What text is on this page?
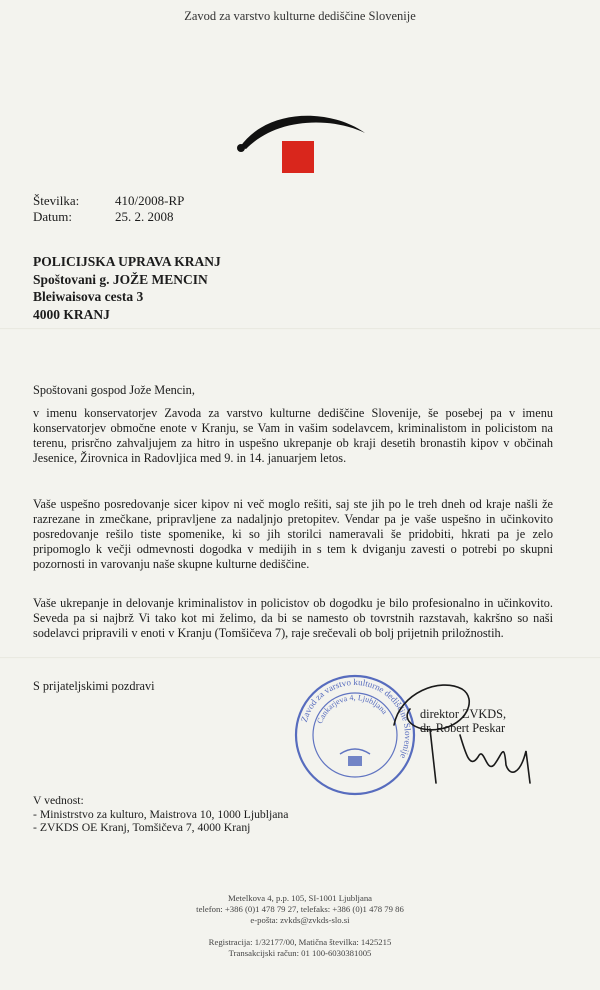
Zavod za varstvo kulturne dediščine Slovenije
Številka:	410/2008-RP
Datum:	25. 2. 2008
POLICIJSKA UPRAVA KRANJ
Spoštovani g. JOŽE MENCIN
Bleiwaisova cesta 3
4000 KRANJ
Spoštovani gospod Jože Mencin,
v imenu konservatorjev Zavoda za varstvo kulturne dediščine Slovenije, še posebej pa v imenu konservatorjev območne enote v Kranju, se Vam in vašim sodelavcem, kriminalistom in policistom na terenu, prisrčno zahvaljujem za hitro in uspešno ukrepanje ob kraji desetih bronastih kipov v občinah Jesenice, Žirovnica in Radovljica med 9. in 14. januarjem letos.
Vaše uspešno posredovanje sicer kipov ni več moglo rešiti, saj ste jih po le treh dneh od kraje našli že razrezane in zmečkane, pripravljene za nadaljnjo pretopitev. Vendar pa je vaše uspešno in učinkovito posredovanje rešilo tiste spomenike, ki so jih storilci nameravali še pridobiti, hkrati pa je zelo pripomoglo k večji odmevnosti dogodka v medijih in s tem k dviganju zavesti o potrebi po skupni pozornosti in varovanju naše skupne kulturne dediščine.
Vaše ukrepanje in delovanje kriminalistov in policistov ob dogodku je bilo profesionalno in učinkovito. Seveda pa si najbrž Vi tako kot mi želimo, da bi se namesto ob tovrstnih razstavah, kakršno so naši sodelavci pripravili v enoti v Kranju (Tomšičeva 7), raje srečevali ob bolj prijetnih priložnostih.
S prijateljskimi pozdravi
Zavod za varstvo kulturne dediščine Slovenije
Cankarjeva 4, Ljubljana	direktor ZVKDS,
dr. Robert Peskar
V vednost:
- Ministrstvo za kulturo, Maistrova 10, 1000 Ljubljana
- ZVKDS OE Kranj, Tomšičeva 7, 4000 Kranj
Metelkova 4, p.p. 105, SI-1001 Ljubljana
telefon: +386 (0)1 478 79 27, telefaks: +386 (0)1 478 79 86
e-pošta: zvkds@zvkds-slo.si
Registracija: 1/32177/00, Matična številka: 1425215
Transakcijski račun: 01 100-6030381005
